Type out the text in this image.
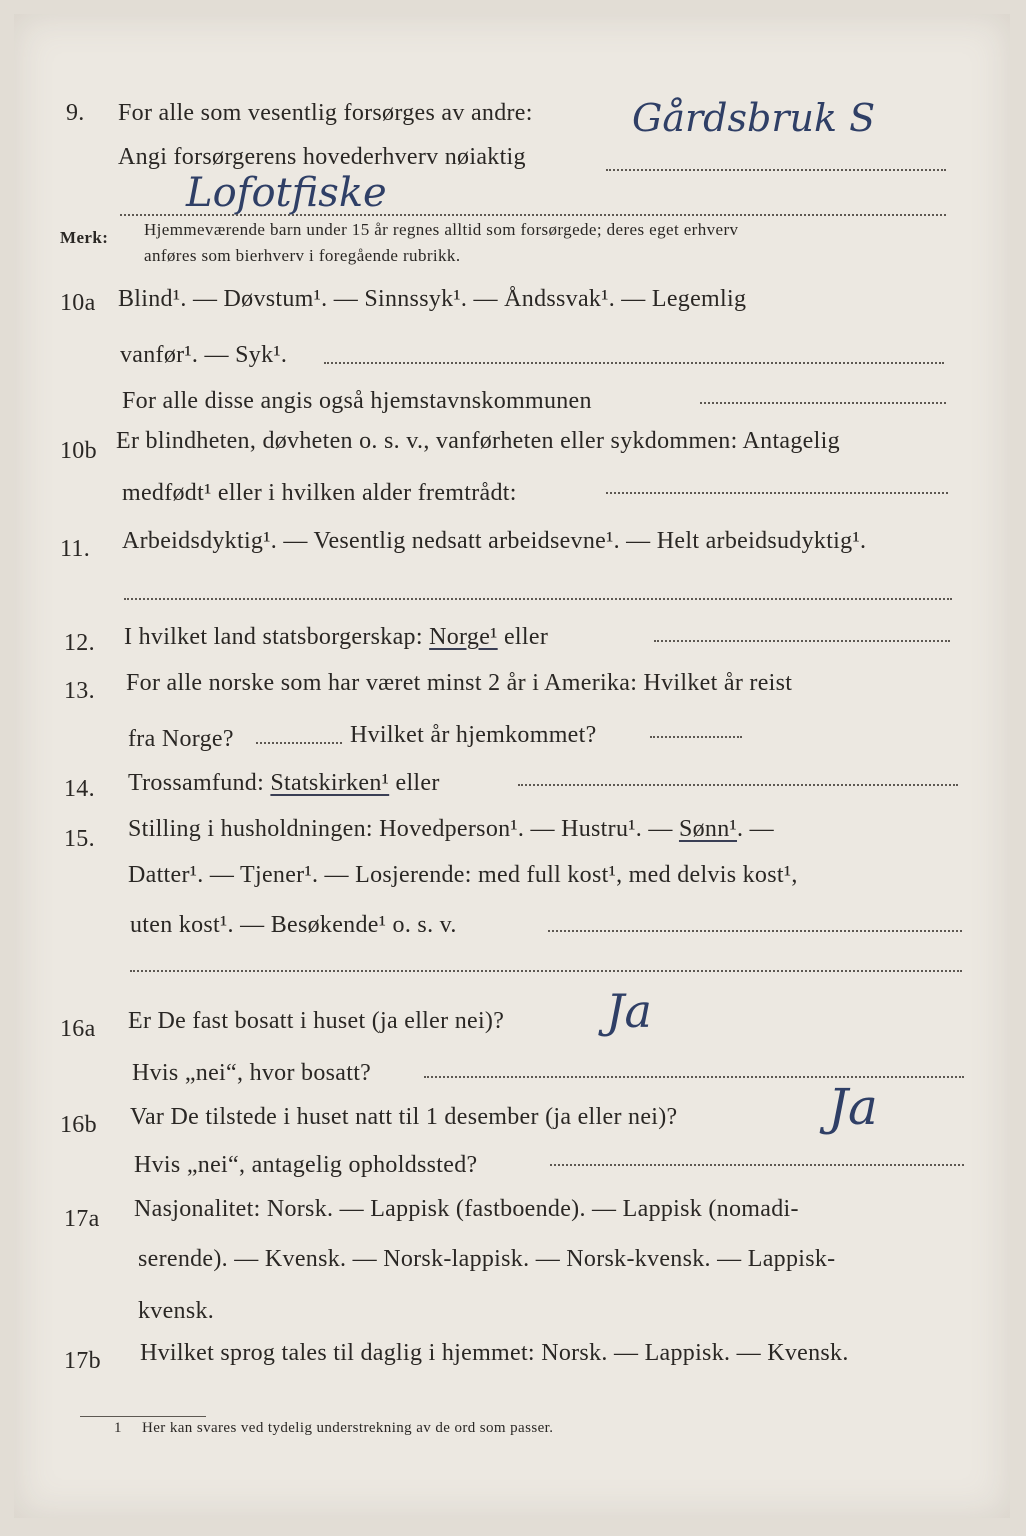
9. For alle som vesentlig forsørges av andre:	Gårdsbruk S
Angi forsørgerens hovederhverv nøiaktig
Lofotfiske
Merk: Hjemmeværende barn under 15 år regnes alltid som forsørgede; deres eget erhverv
anføres som bierhverv i foregående rubrikk.
10a Blind¹. — Døvstum¹. — Sinnssyk¹. — Åndssvak¹. — Legemlig
vanfør¹. — Syk¹.
For alle disse angis også hjemstavnskommunen
10b Er blindheten, døvheten o. s. v., vanførheten eller sykdommen: Antagelig
medfødt¹ eller i hvilken alder fremtrådt:
11. Arbeidsdyktig¹. — Vesentlig nedsatt arbeidsevne¹. — Helt arbeidsudyktig¹.
12. I hvilket land statsborgerskap: Norge¹ eller
13. For alle norske som har været minst 2 år i Amerika: Hvilket år reist
fra Norge?	Hvilket år hjemkommet?
14. Trossamfund: Statskirken¹ eller
15. Stilling i husholdningen: Hovedperson¹. — Hustru¹. — Sønn¹. —
Datter¹. — Tjener¹. — Losjerende: med full kost¹, med delvis kost¹,
uten kost¹. — Besøkende¹ o. s. v.
16a Er De fast bosatt i huset (ja eller nei)? Ja
Hvis „nei“, hvor bosatt?
16b Var De tilstede i huset natt til 1 desember (ja eller nei)?	Ja
Hvis „nei“, antagelig opholdssted?
17a Nasjonalitet: Norsk. — Lappisk (fastboende). — Lappisk (nomadi-
serende). — Kvensk. — Norsk-lappisk. — Norsk-kvensk. — Lappisk-
kvensk.
17b Hvilket sprog tales til daglig i hjemmet: Norsk. — Lappisk. — Kvensk.
1 Her kan svares ved tydelig understrekning av de ord som passer.
